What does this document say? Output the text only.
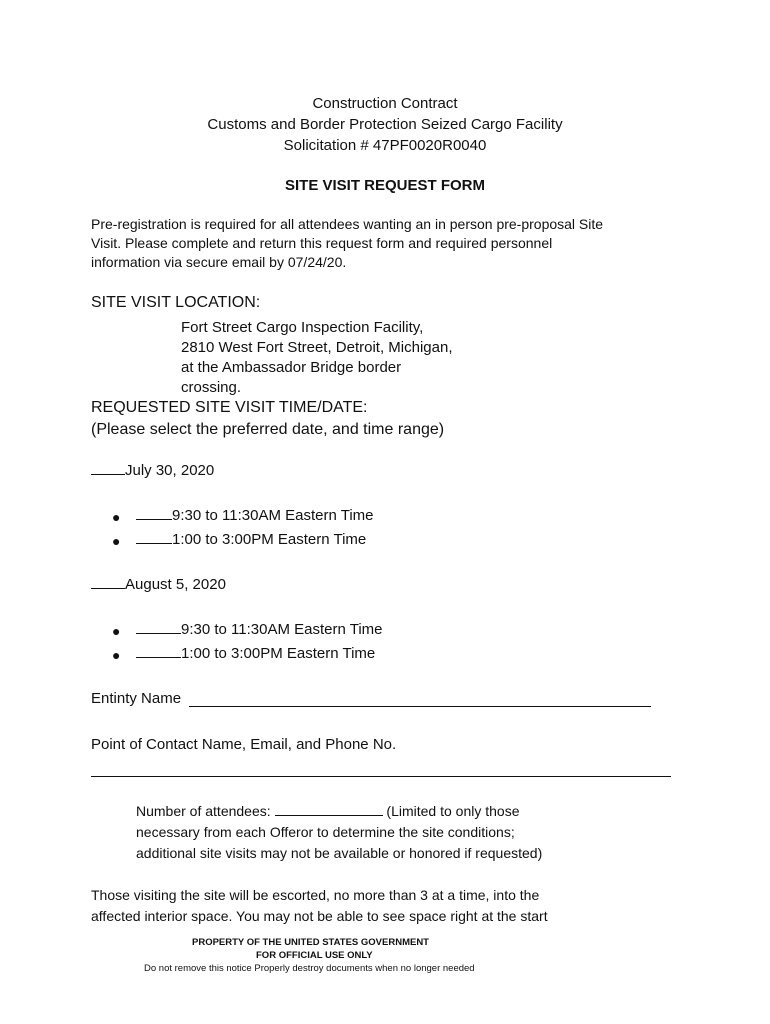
Construction Contract

Customs and Border Protection Seized Cargo Facility

Solicitation # 47PF0020R0040

SITE VISIT REQUEST FORM

Pre-registration is required for all attendees wanting an in person pre-proposal Site

Visit. Please complete and return this request form and required personnel

information via secure email by 07/24/20.

SITE VISIT LOCATION:

Fort Street Cargo Inspection Facility,

2810 West Fort Street, Detroit, Michigan,

at the Ambassador Bridge border

crossing.

REQUESTED SITE VISIT TIME/DATE:

(Please select the preferred date, and time range)

July 30, 2020

●	9:30 to 11:30AM Eastern Time

●	1:00 to 3:00PM Eastern Time

August 5, 2020

●	9:30 to 11:30AM Eastern Time

●	1:00 to 3:00PM Eastern Time

Entinty Name

Point of Contact Name, Email, and Phone No.

Number of attendees:	(Limited to only those

necessary from each Offeror to determine the site conditions;

additional site visits may not be available or honored if requested)

Those visiting the site will be escorted, no more than 3 at a time, into the

affected interior space. You may not be able to see space right at the start

PROPERTY OF THE UNITED STATES GOVERNMENT

FOR OFFICIAL USE ONLY

Do not remove this notice Properly destroy documents when no longer needed
